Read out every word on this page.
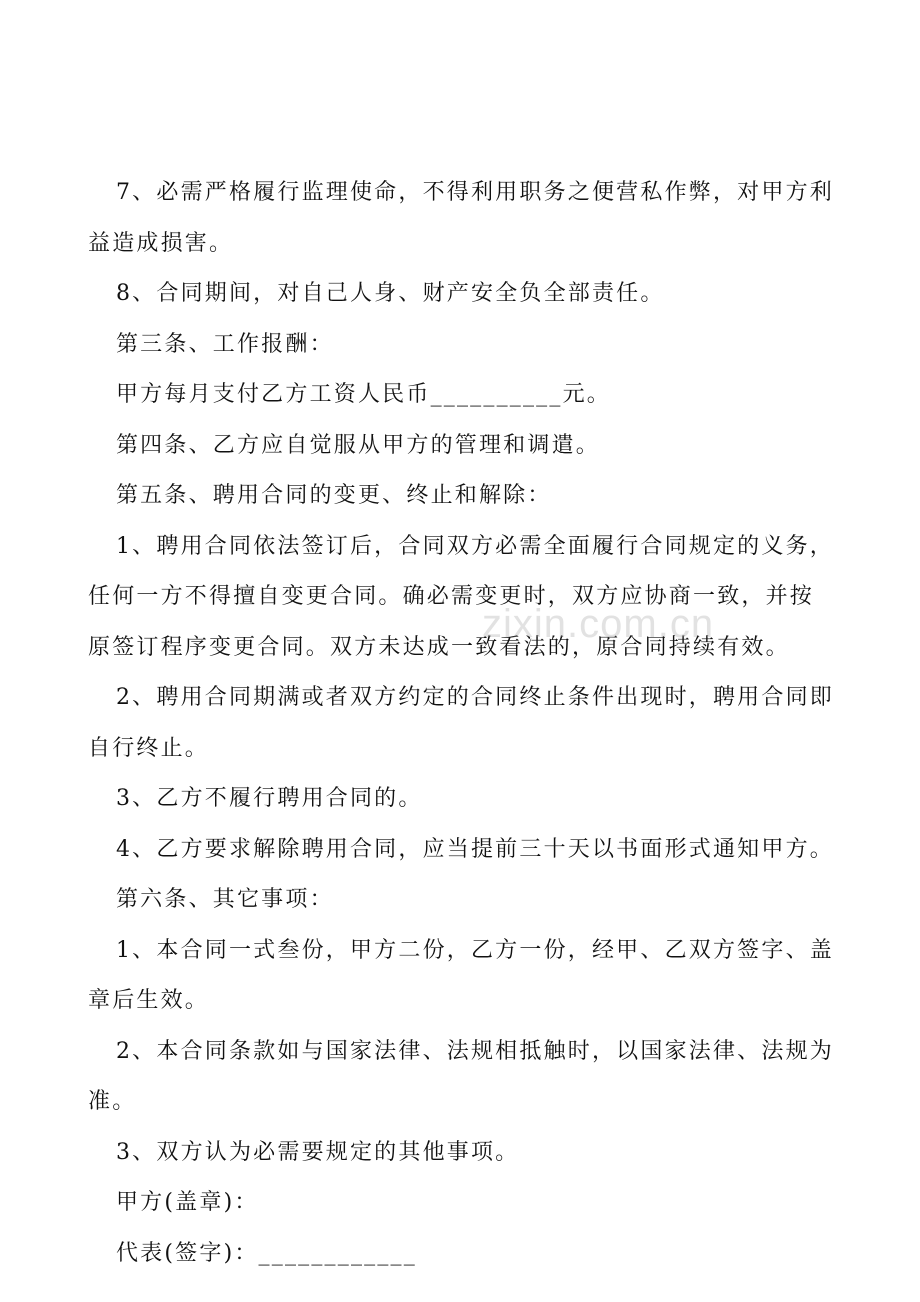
7、必需严格履行监理使命，不得利用职务之便营私作弊，对甲方利益造成损害。

8、合同期间，对自己人身、财产安全负全部责任。

第三条、工作报酬：

甲方每月支付乙方工资人民币__________元。

第四条、乙方应自觉服从甲方的管理和调遣。

第五条、聘用合同的变更、终止和解除：

1、聘用合同依法签订后，合同双方必需全面履行合同规定的义务，任何一方不得擅自变更合同。确必需变更时，双方应协商一致，并按原签订程序变更合同。双方未达成一致看法的，原合同持续有效。

2、聘用合同期满或者双方约定的合同终止条件出现时，聘用合同即自行终止。

3、乙方不履行聘用合同的。

4、乙方要求解除聘用合同，应当提前三十天以书面形式通知甲方。

第六条、其它事项：

1、本合同一式叁份，甲方二份，乙方一份，经甲、乙双方签字、盖章后生效。

2、本合同条款如与国家法律、法规相抵触时，以国家法律、法规为准。

3、双方认为必需要规定的其他事项。

甲方(盖章)：

代表(签字)：____________

zixin.com.cn
